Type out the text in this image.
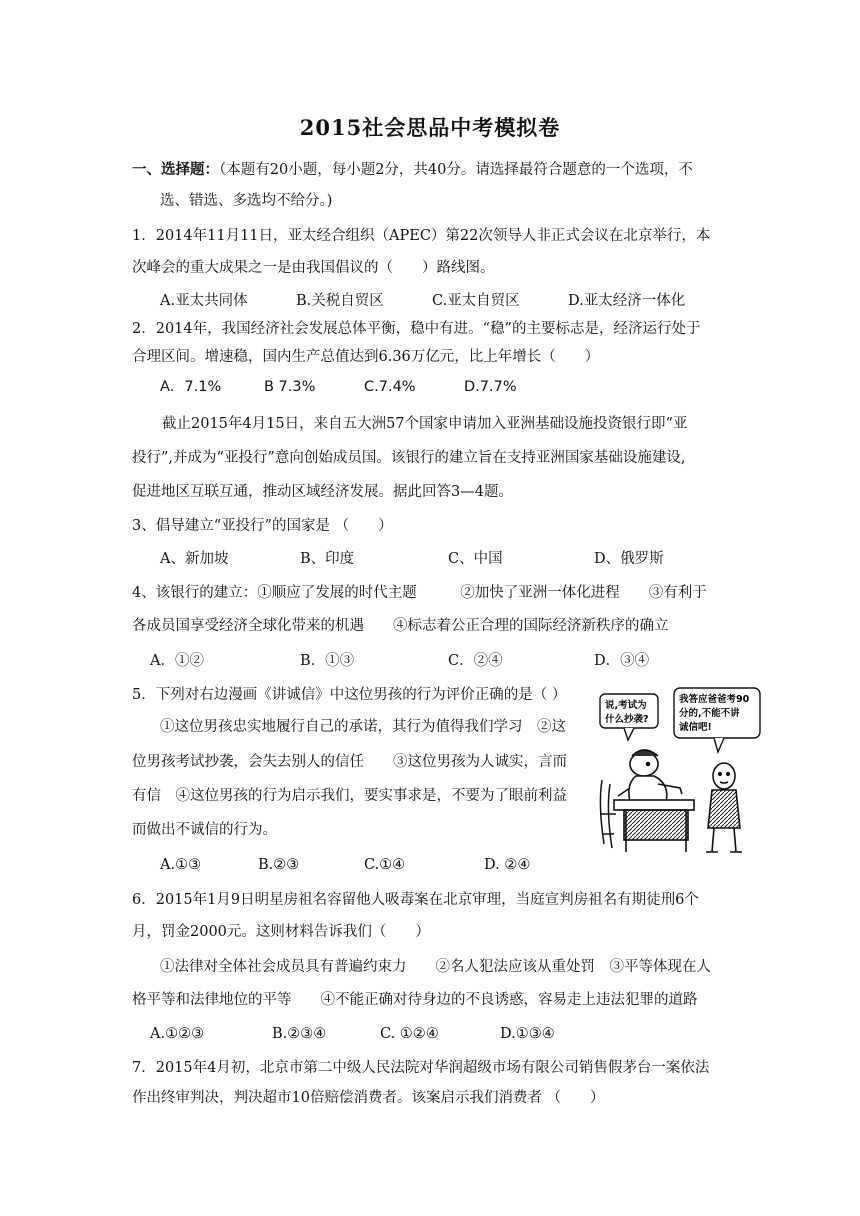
2015社会思品中考模拟卷
一、选择题：（本题有20小题，每小题2分，共40分。请选择最符合题意的一个选项，不
选、错选、多选均不给分。)
1．2014年11月11日，亚太经合组织（APEC）第22次领导人非正式会议在北京举行，本
次峰会的重大成果之一是由我国倡议的（　　）路线图。
A.亚太共同体	B.关税自贸区	C.亚太自贸区	D.亚太经济一体化
2．2014年，我国经济社会发展总体平衡，稳中有进。“稳”的主要标志是，经济运行处于
合理区间。增速稳，国内生产总值达到6.36万亿元，比上年增长（　　）
A．7.1%	B 7.3%	C.7.4%	D.7.7%
截止2015年4月15日，来自五大洲57个国家申请加入亚洲基础设施投资银行即“亚
投行”,并成为“亚投行”意向创始成员国。该银行的建立旨在支持亚洲国家基础设施建设,
促进地区互联互通，推动区域经济发展。据此回答3—4题。
3、倡导建立“亚投行”的国家是 （　　）
A、新加坡	B、印度	C、中国	D、俄罗斯
4、该银行的建立：①顺应了发展的时代主题　　　②加快了亚洲一体化进程　　③有利于
各成员国享受经济全球化带来的机遇　　④标志着公正合理的国际经济新秩序的确立
A．①②	B．①③	C．②④	D．③④
5．下列对右边漫画《讲诚信》中这位男孩的行为评价正确的是（ ）
①这位男孩忠实地履行自己的承诺，其行为值得我们学习　②这
位男孩考试抄袭，会失去别人的信任　　③这位男孩为人诚实，言而
有信　④这位男孩的行为启示我们，要实事求是，不要为了眼前利益
而做出不诚信的行为。
A.①③	B.②③	C.①④	D. ②④
说,考试为
什么抄袭?
我答应爸爸考90
分的,不能不讲
诚信吧!
6．2015年1月9日明星房祖名容留他人吸毒案在北京审理，当庭宣判房祖名有期徒刑6个
月，罚金2000元。这则材料告诉我们（　　）
①法律对全体社会成员具有普遍约束力　　②名人犯法应该从重处罚　③平等体现在人
格平等和法律地位的平等　　④不能正确对待身边的不良诱惑，容易走上违法犯罪的道路
A.①②③	B.②③④	C. ①②④	D.①③④
7．2015年4月初，北京市第二中级人民法院对华润超级市场有限公司销售假茅台一案依法
作出终审判决，判决超市10倍赔偿消费者。该案启示我们消费者 （　　）
